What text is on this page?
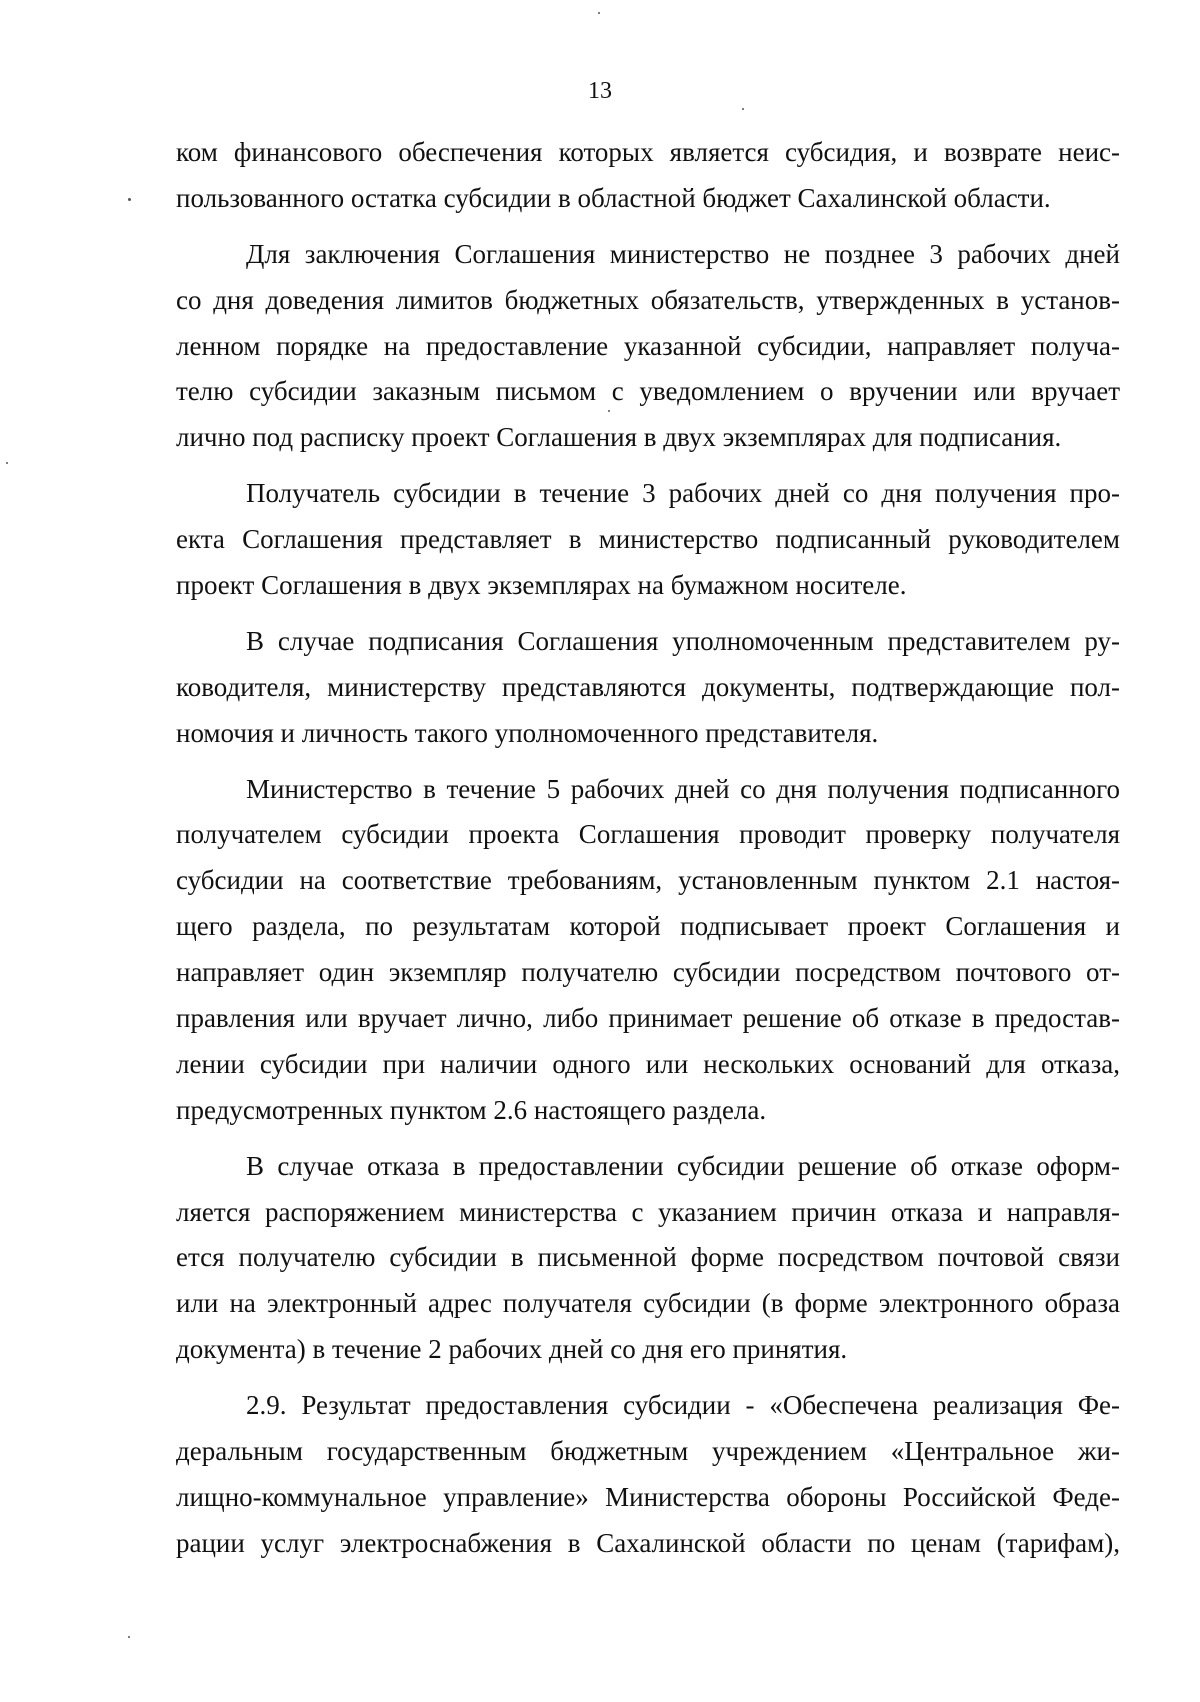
13
ком финансового обеспечения которых является субсидия, и возврате неис-
пользованного остатка субсидии в областной бюджет Сахалинской области.
Для заключения Соглашения министерство не позднее 3 рабочих дней
со дня доведения лимитов бюджетных обязательств, утвержденных в установ-
ленном порядке на предоставление указанной субсидии, направляет получа-
телю субсидии заказным письмом с уведомлением о вручении или вручает
лично под расписку проект Соглашения в двух экземплярах для подписания.
Получатель субсидии в течение 3 рабочих дней со дня получения про-
екта Соглашения представляет в министерство подписанный руководителем
проект Соглашения в двух экземплярах на бумажном носителе.
В случае подписания Соглашения уполномоченным представителем ру-
ководителя, министерству представляются документы, подтверждающие пол-
номочия и личность такого уполномоченного представителя.
Министерство в течение 5 рабочих дней со дня получения подписанного
получателем субсидии проекта Соглашения проводит проверку получателя
субсидии на соответствие требованиям, установленным пунктом 2.1 настоя-
щего раздела, по результатам которой подписывает проект Соглашения и
направляет один экземпляр получателю субсидии посредством почтового от-
правления или вручает лично, либо принимает решение об отказе в предостав-
лении субсидии при наличии одного или нескольких оснований для отказа,
предусмотренных пунктом 2.6 настоящего раздела.
В случае отказа в предоставлении субсидии решение об отказе оформ-
ляется распоряжением министерства с указанием причин отказа и направля-
ется получателю субсидии в письменной форме посредством почтовой связи
или на электронный адрес получателя субсидии (в форме электронного образа
документа) в течение 2 рабочих дней со дня его принятия.
2.9. Результат предоставления субсидии - «Обеспечена реализация Фе-
деральным государственным бюджетным учреждением «Центральное жи-
лищно-коммунальное управление» Министерства обороны Российской Феде-
рации услуг электроснабжения в Сахалинской области по ценам (тарифам),
